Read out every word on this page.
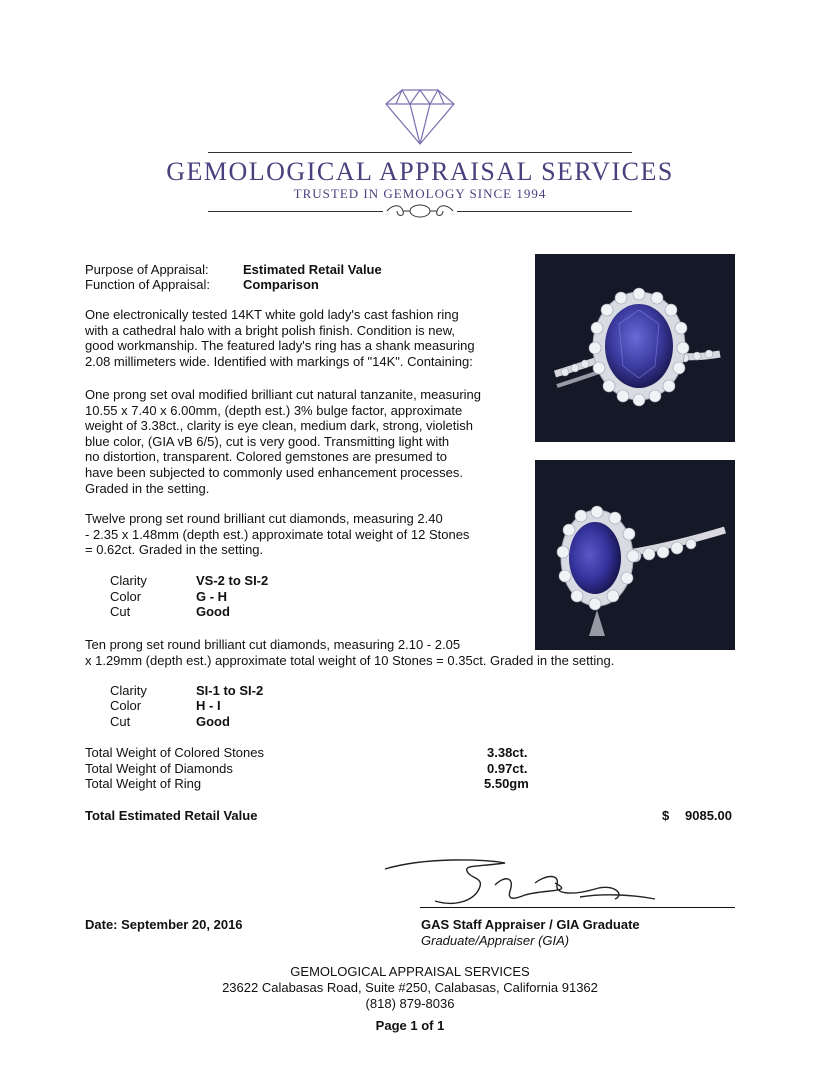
GEMOLOGICAL APPRAISAL SERVICES
TRUSTED IN GEMOLOGY SINCE 1994
Purpose of Appraisal:	Estimated Retail Value
Function of Appraisal:	Comparison
One electronically tested 14KT white gold lady's cast fashion ring
with a cathedral halo with a bright polish finish. Condition is new,
good workmanship. The featured lady's ring has a shank measuring
2.08 millimeters wide. Identified with markings of "14K". Containing:
One prong set oval modified brilliant cut natural tanzanite, measuring
10.55 x 7.40 x 6.00mm, (depth est.) 3% bulge factor, approximate
weight of 3.38ct., clarity is eye clean, medium dark, strong, violetish
blue color, (GIA vB 6/5), cut is very good. Transmitting light with
no distortion, transparent. Colored gemstones are presumed to
have been subjected to commonly used enhancement processes.
Graded in the setting.
Twelve prong set round brilliant cut diamonds, measuring 2.40
- 2.35 x 1.48mm (depth est.) approximate total weight of 12 Stones
= 0.62ct. Graded in the setting.
Clarity	VS-2 to SI-2
Color	G - H
Cut	Good
Ten prong set round brilliant cut diamonds, measuring 2.10 - 2.05
x 1.29mm (depth est.) approximate total weight of 10 Stones = 0.35ct. Graded in the setting.
Clarity	SI-1 to SI-2
Color	H - I
Cut	Good
Total Weight of Colored Stones	3.38ct.
Total Weight of Diamonds	0.97ct.
Total Weight of Ring	5.50gm
Total Estimated Retail Value	$ 9085.00
Date: September 20, 2016	GAS Staff Appraiser / GIA Graduate
Graduate/Appraiser (GIA)
GEMOLOGICAL APPRAISAL SERVICES
23622 Calabasas Road, Suite #250, Calabasas, California 91362
(818) 879-8036
Page 1 of 1
